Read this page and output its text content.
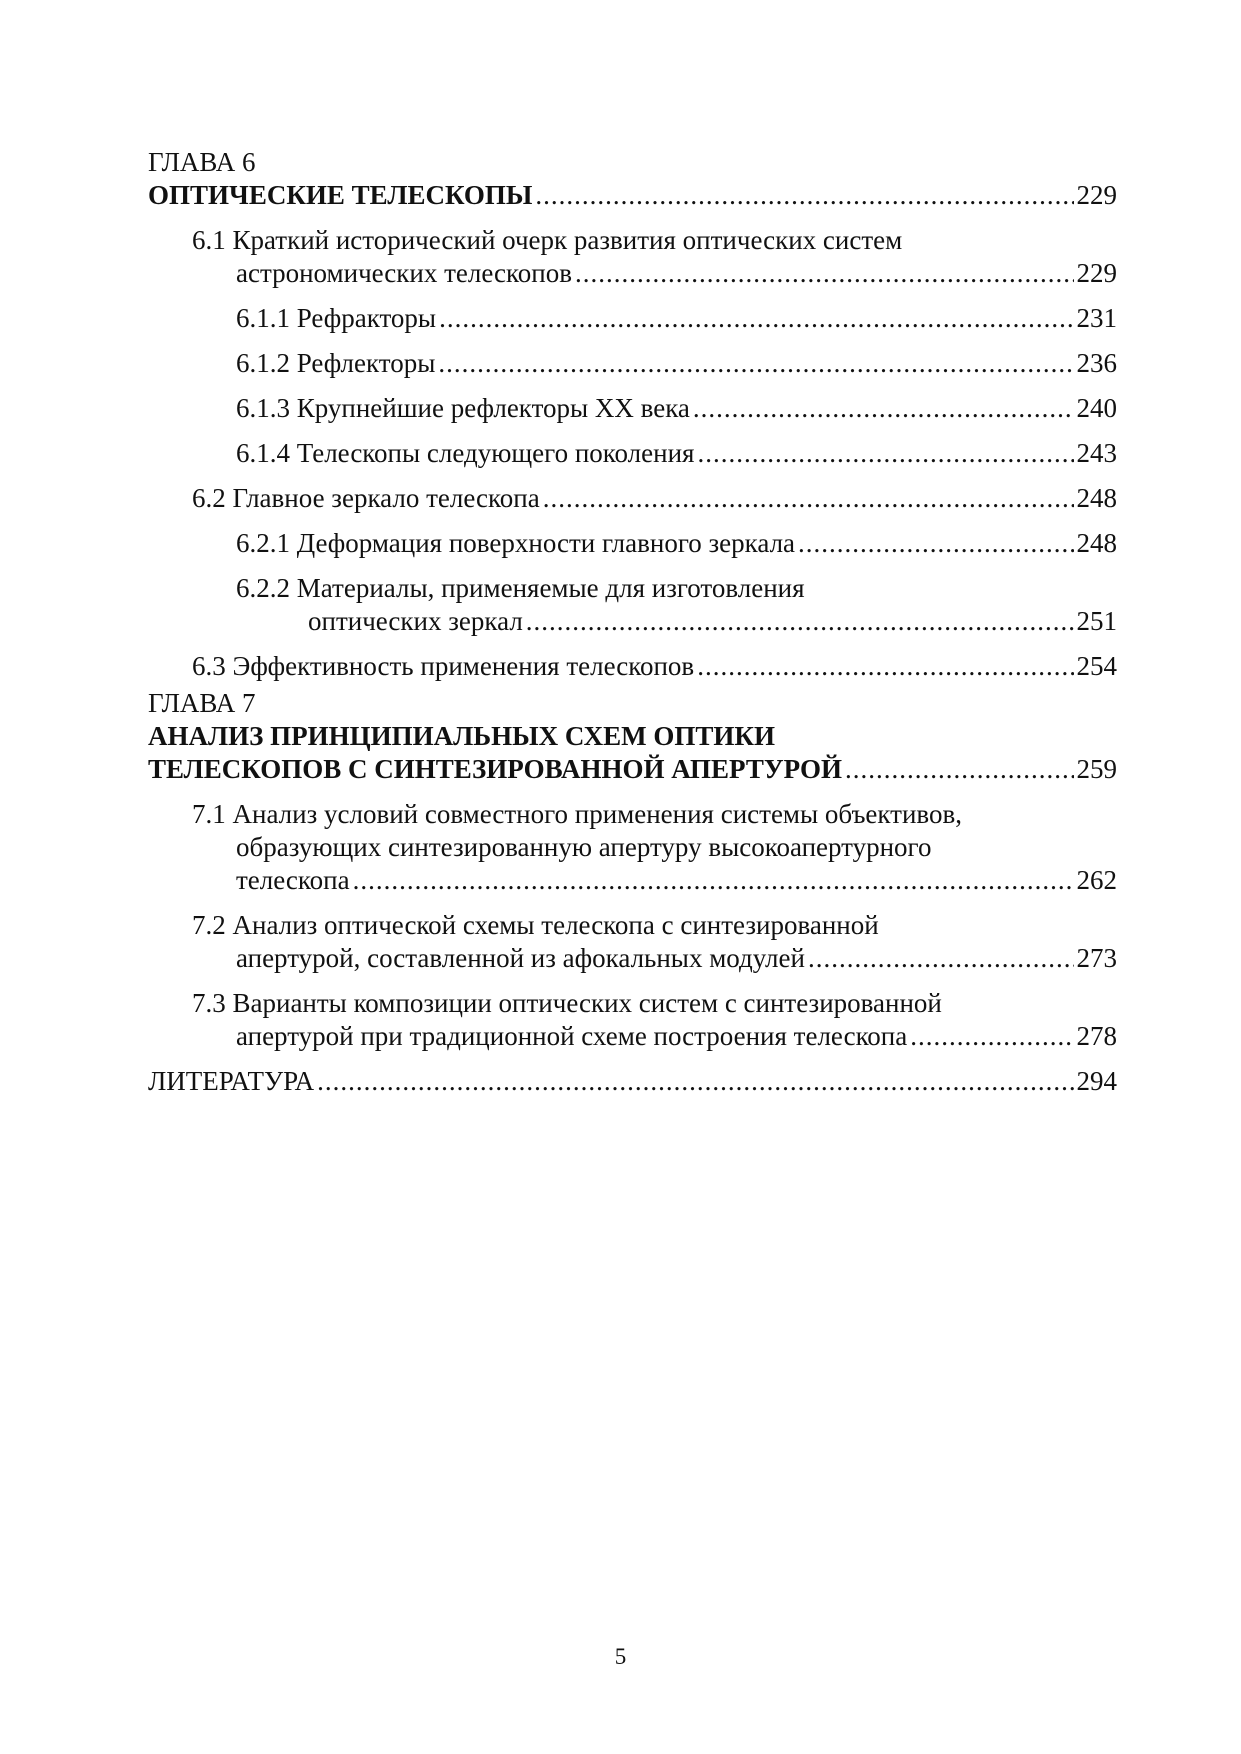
ГЛАВА 6
ОПТИЧЕСКИЕ ТЕЛЕСКОПЫ .....	229
6.1 Краткий исторический очерк развития оптических систем
астрономических телескопов .....	229
6.1.1 Рефракторы .....	231
6.1.2 Рефлекторы .....	236
6.1.3 Крупнейшие рефлекторы XX века .....	240
6.1.4 Телескопы следующего поколения .....	243
6.2 Главное зеркало телескопа .....	248
6.2.1 Деформация поверхности главного зеркала .....	248
6.2.2 Материалы, применяемые для изготовления
оптических зеркал .....	251
6.3 Эффективность применения телескопов .....	254
ГЛАВА 7
АНАЛИЗ ПРИНЦИПИАЛЬНЫХ СХЕМ ОПТИКИ
ТЕЛЕСКОПОВ С СИНТЕЗИРОВАННОЙ АПЕРТУРОЙ .....	259
7.1 Анализ условий совместного применения системы объективов,
образующих синтезированную апертуру высокоапертурного
телескопа .....	262
7.2 Анализ оптической схемы телескопа с синтезированной
апертурой, составленной из афокальных модулей .....	273
7.3 Варианты композиции оптических систем с синтезированной
апертурой при традиционной схеме построения телескопа .....	278
ЛИТЕРАТУРА .....	294
5
